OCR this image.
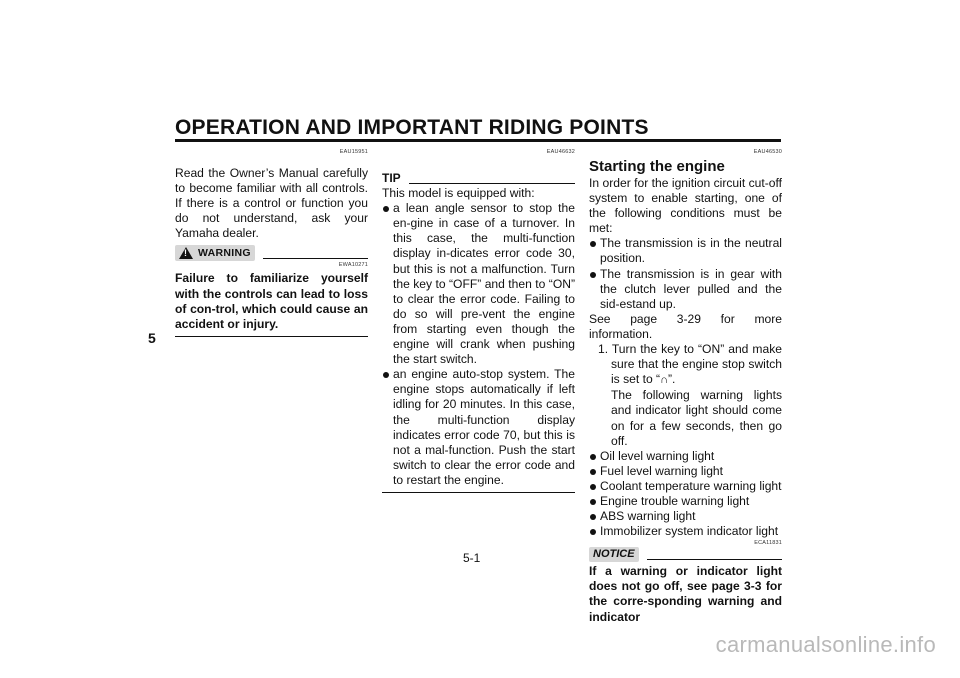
OPERATION AND IMPORTANT RIDING POINTS
5
EAU15951

Read the Owner’s Manual carefully to become familiar with all controls. If there is a control or function you do not understand, ask your Yamaha dealer.

!
WARNING
EWA10271

Failure to familiarize yourself with the controls can lead to loss of con-trol, which could cause an accident or injury.

EAU46632
TIP

This model is equipped with:

a lean angle sensor to stop the en-gine in case of a turnover. In this case, the multi-function display in-dicates error code 30, but this is not a malfunction. Turn the key to “OFF” and then to “ON” to clear the error code. Failing to do so will pre-vent the engine from starting even though the engine will crank when pushing the start switch.
an engine auto-stop system. The engine stops automatically if left idling for 20 minutes. In this case, the multi-function display indicates error code 70, but this is not a mal-function. Push the start switch to clear the error code and to restart the engine.
EAU46530
Starting the engine

In order for the ignition circuit cut-off system to enable starting, one of the following conditions must be met:

The transmission is in the neutral position.
The transmission is in gear with the clutch lever pulled and the sid-estand up.

See page 3-29 for more information.

1. Turn the key to “ON” and make sure that the engine stop switch is set to “∩”.

The following warning lights and indicator light should come on for a few seconds, then go off.

Oil level warning light
Fuel level warning light
Coolant temperature warning light
Engine trouble warning light
ABS warning light
Immobilizer system indicator light
ECA11831
NOTICE

If a warning or indicator light does not go off, see page 3-3 for the corre-sponding warning and indicator

5-1
carmanualsonline.info
